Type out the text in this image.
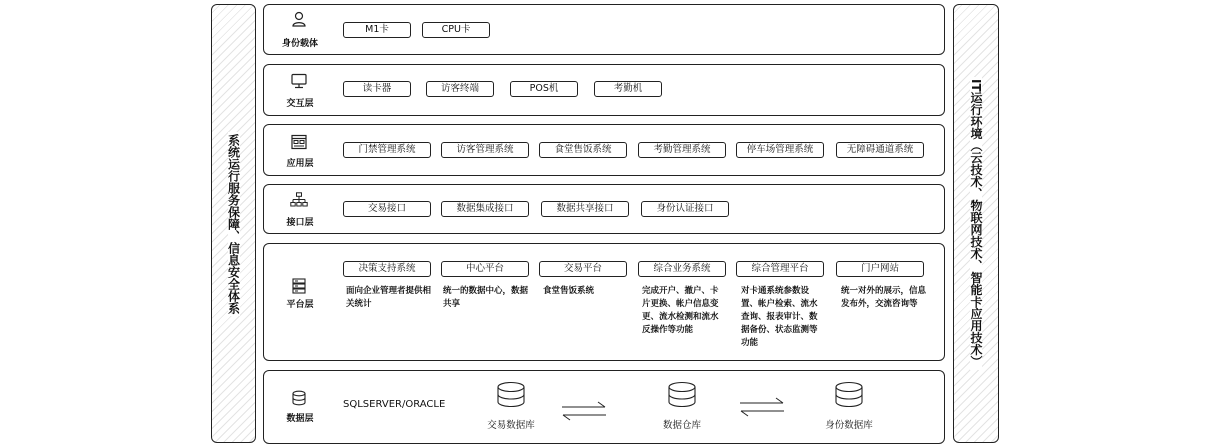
系统运行服务保障、信息安全体系	IT运行环境（云技术、物联网技术、智能卡应用技术）
身份载体
M1卡	CPU卡
交互层
读卡器	访客终端	POS机	考勤机
应用层
门禁管理系统	访客管理系统	食堂售饭系统	考勤管理系统	停车场管理系统	无障碍通道系统
接口层
交易接口	数据集成接口	数据共享接口	身份认证接口
平台层
决策支持系统
面向企业管理者提供相关统计
中心平台
统一的数据中心，数据共享
交易平台
食堂售饭系统
综合业务系统
完成开户、撤户、卡片更换、帐户信息变更、流水检测和流水反操作等功能
综合管理平台
对卡通系统参数设置、帐户检索、流水查询、报表审计、数据备份、状态监测等功能
门户网站
统一对外的展示，信息发布外，交流咨询等
数据层
SQLSERVER/ORACLE
交易数据库	数据仓库	身份数据库
